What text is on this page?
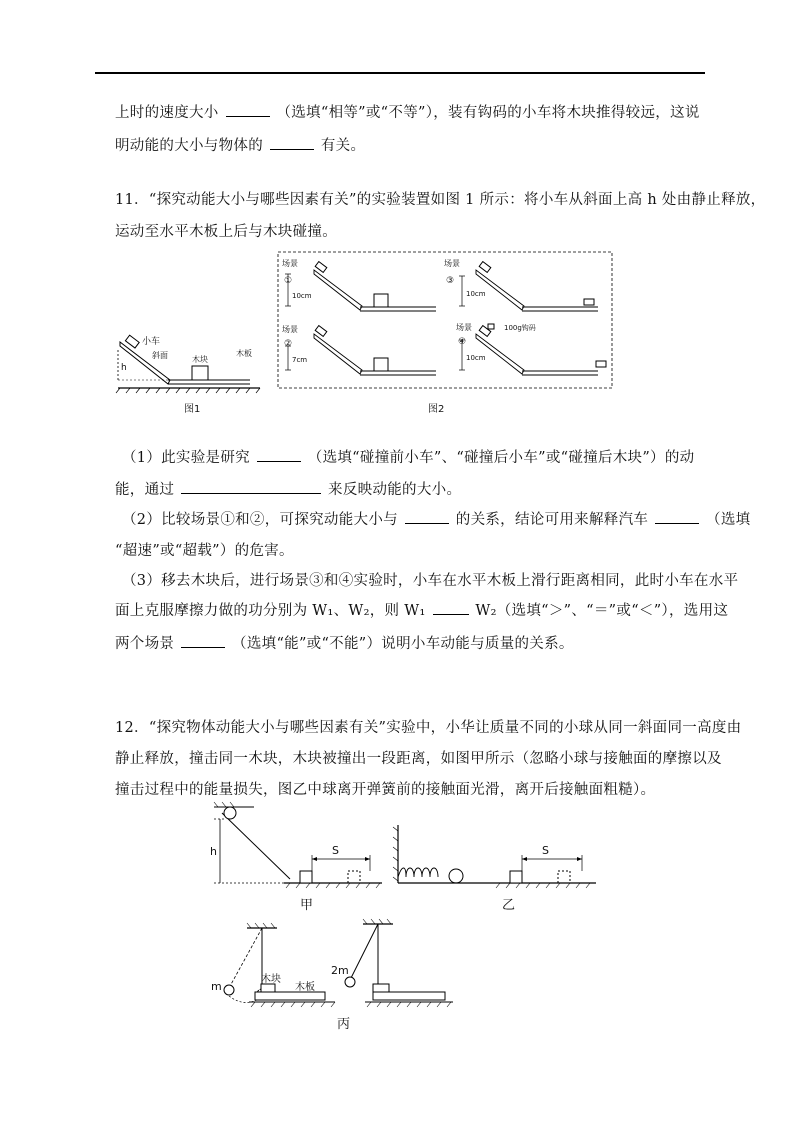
上时的速度大小	（选填“相等”或“不等”），装有钩码的小车将木块推得较远，这说
明动能的大小与物体的	有关。
11．“探究动能大小与哪些因素有关”的实验装置如图 1 所示：将小车从斜面上高 h 处由静止释放，
运动至水平木板上后与木块碰撞。
小车
斜面	木块
木板
h
图1
场景
①
10cm
场景
③
10cm
场景
②
7cm
场景
④
10cm
100g钩码
图2
（1）此实验是研究	（选填“碰撞前小车”、“碰撞后小车”或“碰撞后木块”）的动
能，通过	来反映动能的大小。
（2）比较场景①和②，可探究动能大小与	的关系，结论可用来解释汽车	（选填
“超速”或“超载”）的危害。
（3）移去木块后，进行场景③和④实验时，小车在水平木板上滑行距离相同，此时小车在水平
面上克服摩擦力做的功分别为 W₁、W₂，则 W₁	W₂（选填“＞”、“＝”或“＜”），选用这
两个场景	（选填“能”或“不能”）说明小车动能与质量的关系。
12．“探究物体动能大小与哪些因素有关”实验中，小华让质量不同的小球从同一斜面同一高度由
静止释放，撞击同一木块，木块被撞出一段距离，如图甲所示（忽略小球与接触面的摩擦以及
撞击过程中的能量损失，图乙中球离开弹簧前的接触面光滑，离开后接触面粗糙）。
h	S
甲
S
乙
m
木块
木板
2m
丙
